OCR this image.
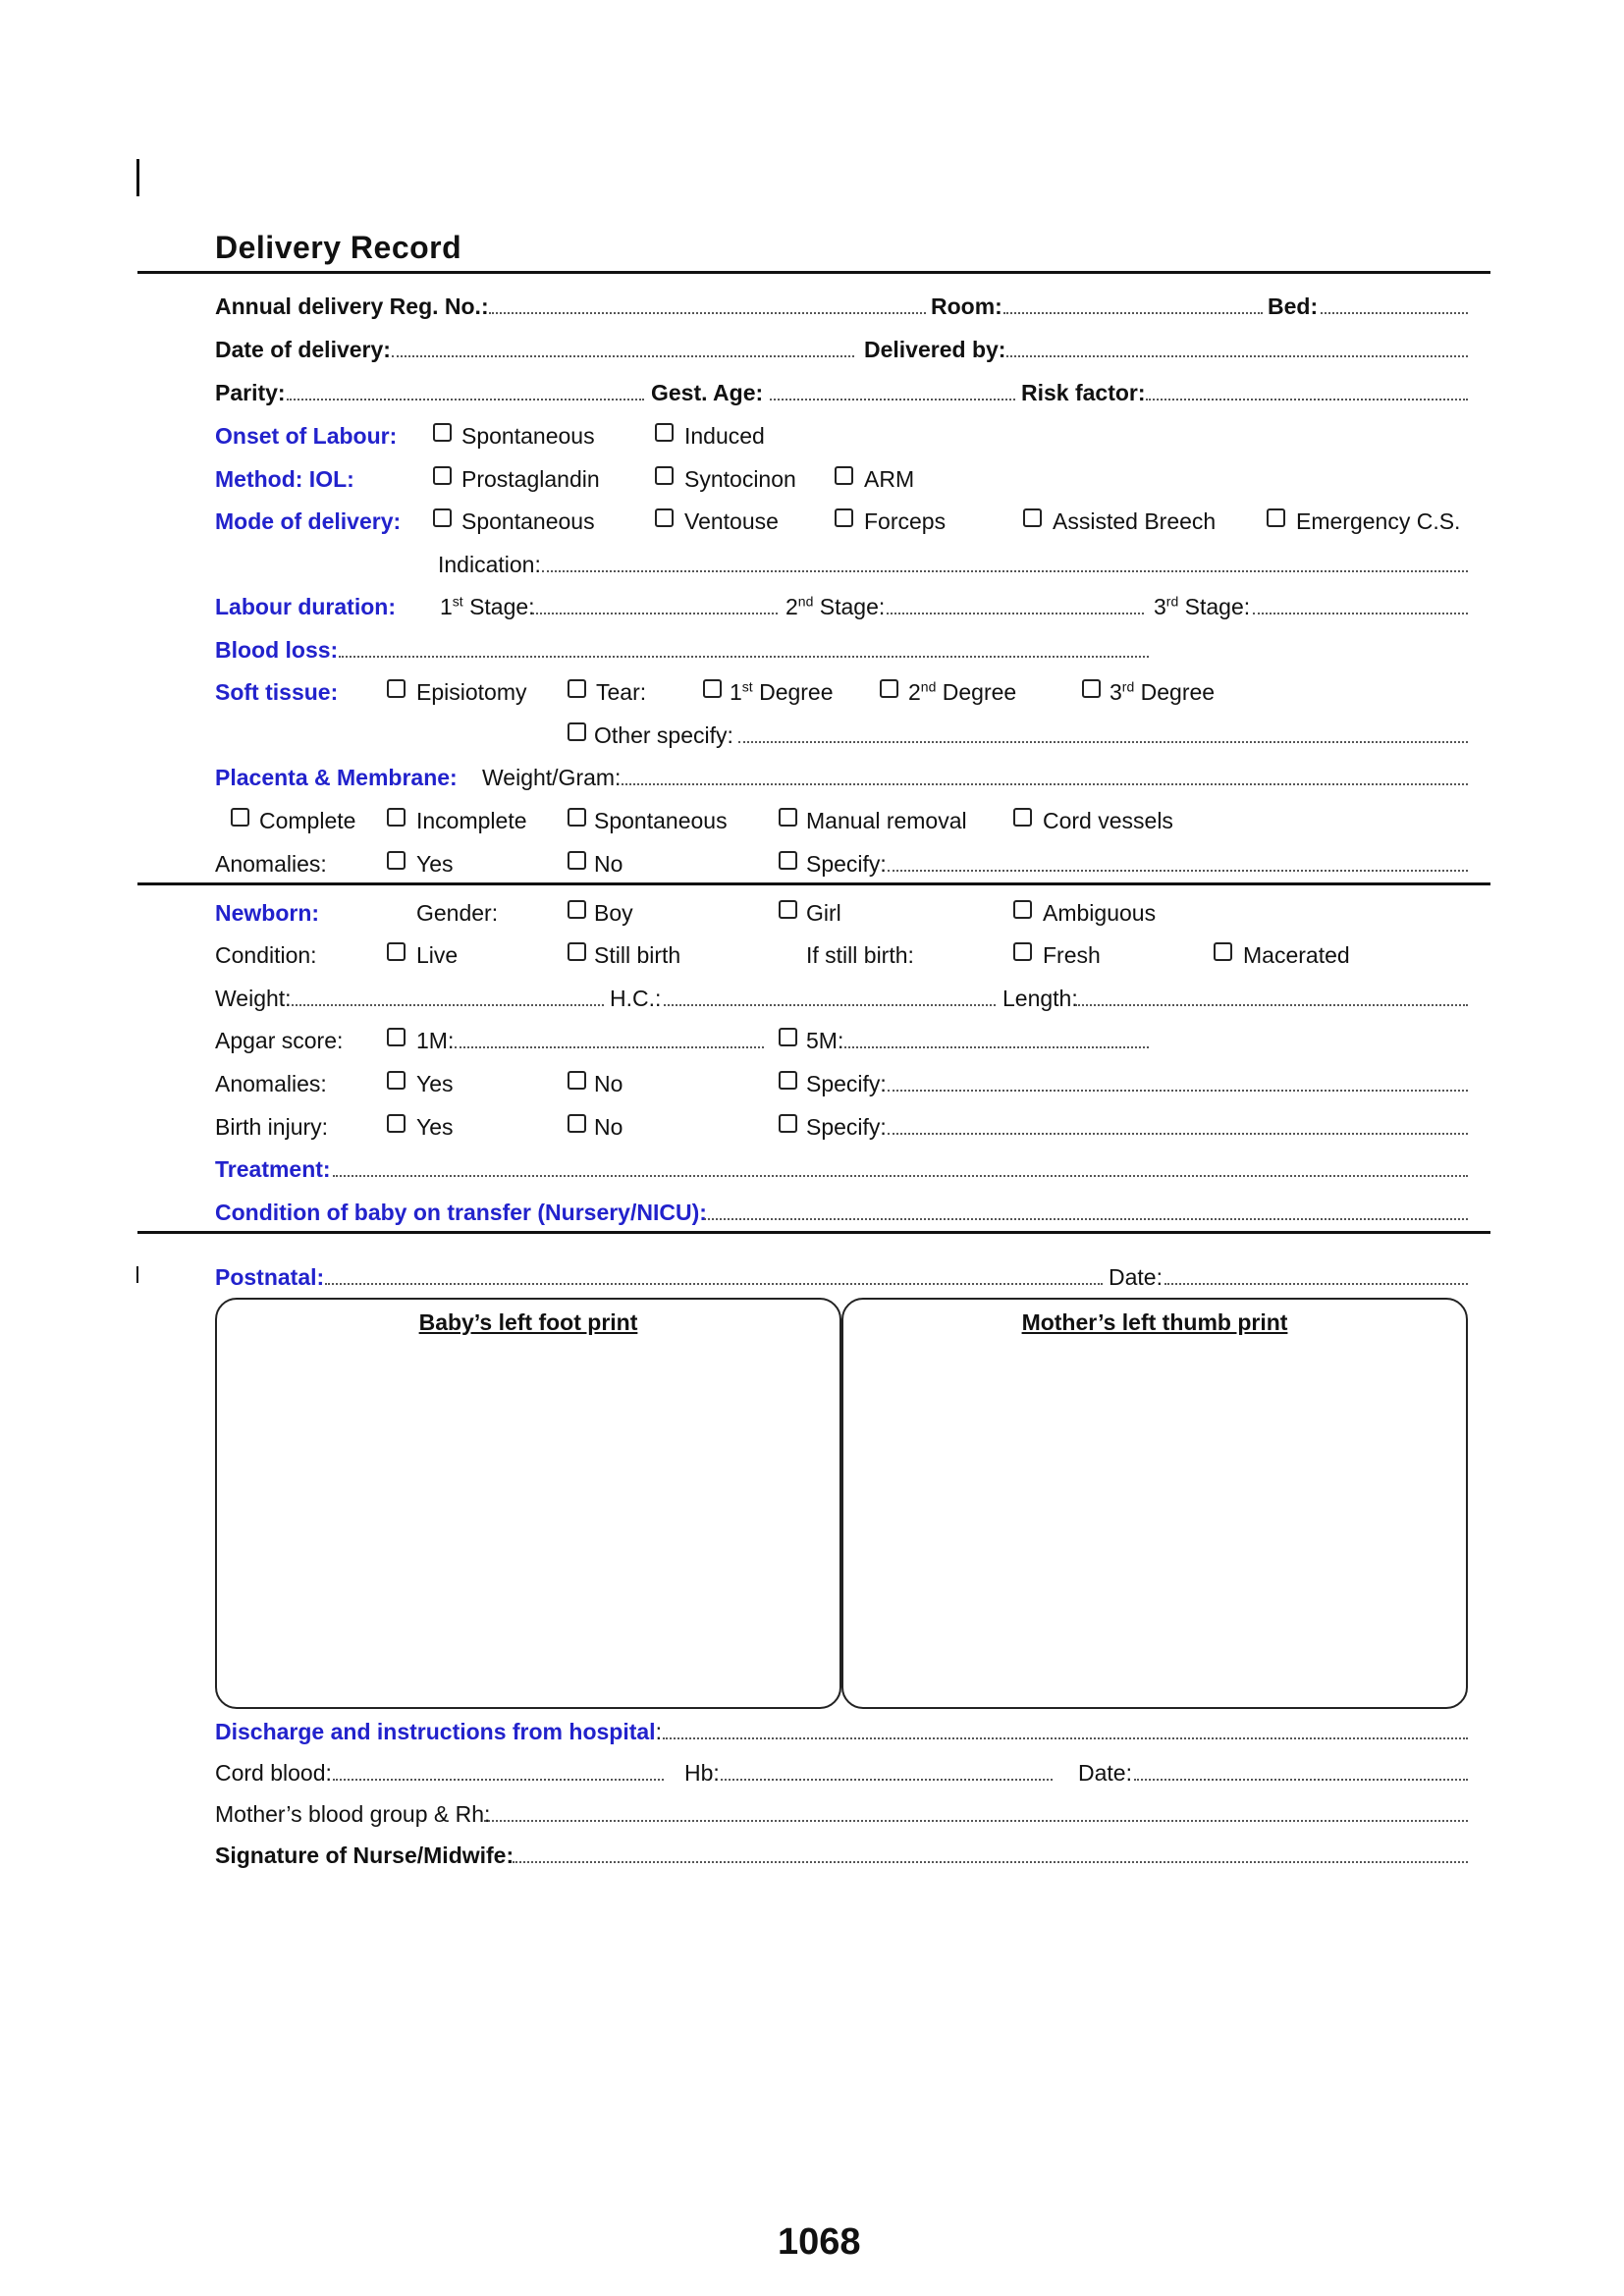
Delivery Record
Annual delivery Reg. No.:	Room:	Bed:
Date of delivery:	Delivered by:
Parity:	Gest. Age:	Risk factor:
Onset of Labour:	Spontaneous	Induced
Method: IOL:	Prostaglandin	Syntocinon	ARM
Mode of delivery:	Spontaneous	Ventouse	Forceps	Assisted Breech	Emergency C.S.
Indication:
Labour duration: 1st Stage:	2nd Stage:	3rd Stage:
Blood loss:
Soft tissue:	Episiotomy	Tear:	1st Degree	2nd Degree	3rd Degree
Other specify:
Placenta & Membrane: Weight/Gram:
Complete	Incomplete	Spontaneous	Manual removal	Cord vessels
Anomalies:	Yes	No	Specify:
Newborn:	Gender:	Boy	Girl	Ambiguous
Condition:	Live	Still birth	If still birth:	Fresh	Macerated
Weight:	H.C.:	Length:
Apgar score:	1M:	5M:
Anomalies:	Yes	No	Specify:
Birth injury:	Yes	No	Specify:
Treatment:
Condition of baby on transfer (Nursery/NICU):
Postnatal:	Date:
Baby’s left foot print	Mother’s left thumb print
Discharge and instructions from hospital:
Cord blood:	Hb:	Date:
Mother’s blood group & Rh:
Signature of Nurse/Midwife:
1068
